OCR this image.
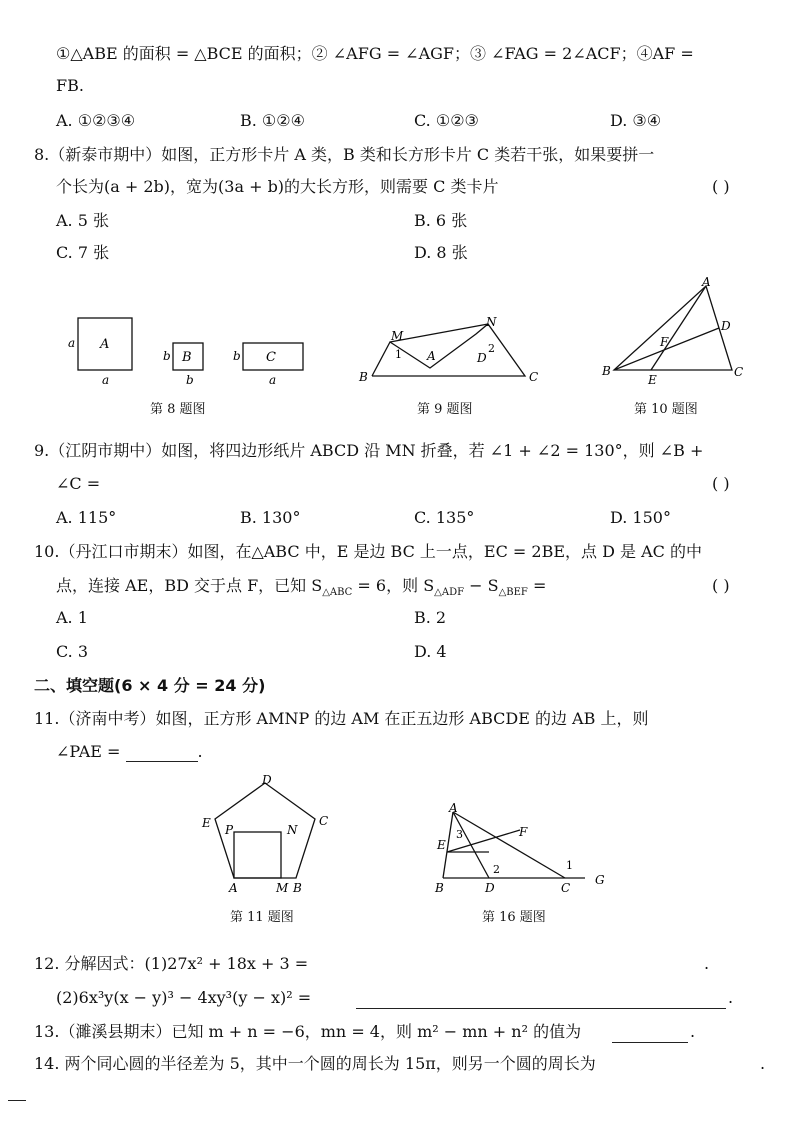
①△ABE 的面积 = △BCE 的面积；② ∠AFG = ∠AGF；③ ∠FAG = 2∠ACF；④AF =
FB.
A. ①②③④	B. ①②④	C. ①②③	D. ③④
8.（新泰市期中）如图，正方形卡片 A 类，B 类和长方形卡片 C 类若干张，如果要拼一
个长为(a + 2b)，宽为(3a + b)的大长方形，则需要 C 类卡片	( )
A. 5 张	B. 6 张
C. 7 张	D. 8 张
A
a
a
B
b
b
C
b
a
第 8 题图
M
N
A	D
1	2
B	C
第 9 题图
A
D
F
B
E
C
第 10 题图
9.（江阴市期中）如图，将四边形纸片 ABCD 沿 MN 折叠，若 ∠1 + ∠2 = 130°，则 ∠B +
∠C =	( )
A. 115°	B. 130°	C. 135°	D. 150°
10.（丹江口市期末）如图，在△ABC 中，E 是边 BC 上一点，EC = 2BE，点 D 是 AC 的中
点，连接 AE，BD 交于点 F，已知 $S_{\triangle ABC} = 6$，则 $S_{\triangle ADF} - S_{\triangle BEF}$ =	( )
A. 1	B. 2
C. 3	D. 4
二、填空题(6 × 4 分 = 24 分)
11.（济南中考）如图，正方形 AMNP 的边 AM 在正五边形 ABCDE 的边 AB 上，则
∠PAE =	.
D
E	C
P	N
A	M B
第 11 题图
A
E
F
3
2	1
B	D	C
G
第 16 题图
12. 分解因式：(1)27x² + 18x + 3 =	.
(2)6x³y(x − y)³ − 4xy³(y − x)² =	.
13.（濉溪县期末）已知 m + n = −6，mn = 4，则 m² − mn + n² 的值为	.
14. 两个同心圆的半径差为 5，其中一个圆的周长为 15π，则另一个圆的周长为	.
